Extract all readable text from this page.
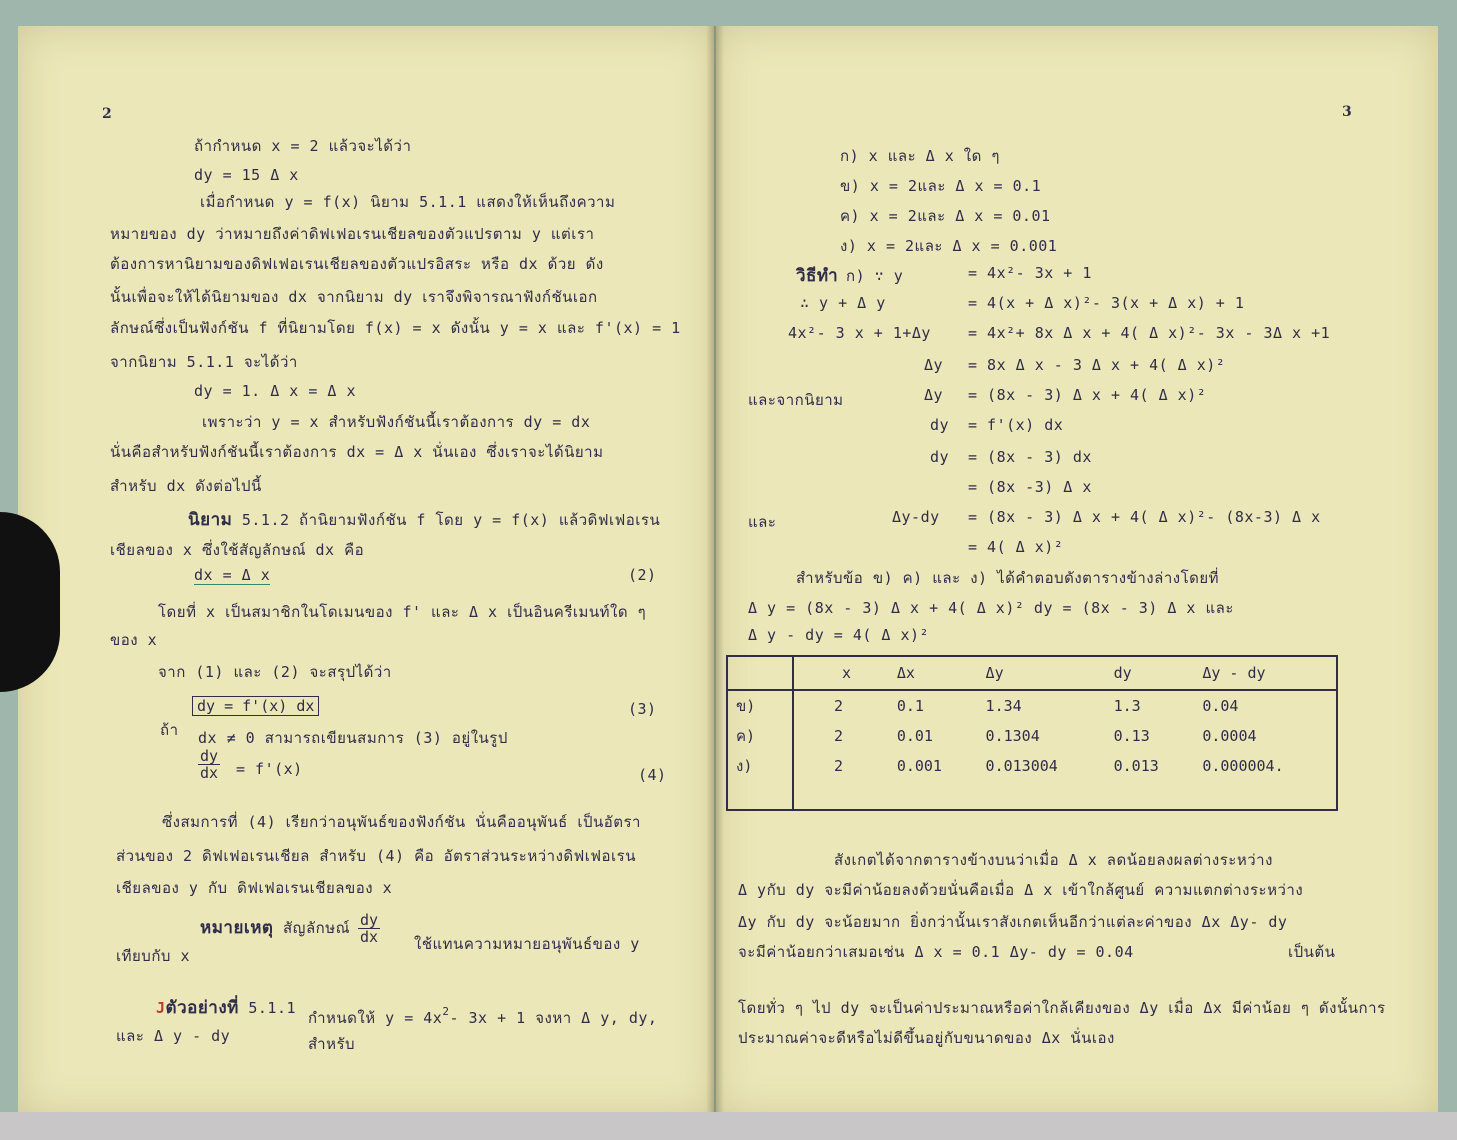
2
ถ้ากำหนด x = 2 แล้วจะได้ว่า
dy = 15 Δ x
เมื่อกำหนด y = f(x) นิยาม 5.1.1 แสดงให้เห็นถึงความ
หมายของ dy ว่าหมายถึงค่าดิฟเฟอเรนเชียลของตัวแปรตาม y แต่เรา
ต้องการหานิยามของดิฟเฟอเรนเชียลของตัวแปรอิสระ หรือ dx ด้วย ดัง
นั้นเพื่อจะให้ได้นิยามของ dx จากนิยาม dy เราจึงพิจารณาฟังก์ชันเอก
ลักษณ์ซึ่งเป็นฟังก์ชัน f ที่นิยามโดย f(x) = x ดังนั้น y = x และ f'(x) = 1
จากนิยาม 5.1.1 จะได้ว่า
dy = 1. Δ x = Δ x
เพราะว่า y = x สำหรับฟังก์ชันนี้เราต้องการ dy = dx
นั่นคือสำหรับฟังก์ชันนี้เราต้องการ dx = Δ x นั่นเอง ซึ่งเราจะได้นิยาม
สำหรับ dx ดังต่อไปนี้
นิยาม 5.1.2 ถ้านิยามฟังก์ชัน f โดย y = f(x) แล้วดิฟเฟอเรน
เชียลของ x ซึ่งใช้สัญลักษณ์ dx คือ
dx = Δ x	(2)
โดยที่ x เป็นสมาชิกในโดเมนของ f' และ Δ x เป็นอินครีเมนท์ใด ๆ
ของ x
จาก (1) และ (2) จะสรุปได้ว่า
dy = f'(x) dx	(3)
ถ้า dx ≠ 0 สามารถเขียนสมการ (3) อยู่ในรูป
$\frac{dy}{dx} = f'(x)$	(4)
ซึ่งสมการที่ (4) เรียกว่าอนุพันธ์ของฟังก์ชัน นั่นคืออนุพันธ์ เป็นอัตรา
ส่วนของ 2 ดิฟเฟอเรนเชียล สำหรับ (4) คือ อัตราส่วนระหว่างดิฟเฟอเรน
เชียลของ y กับ ดิฟเฟอเรนเชียลของ x
หมายเหตุ สัญลักษณ์ $\frac{dy}{dx}$ ใช้แทนความหมายอนุพันธ์ของ y
เทียบกับ x
Jตัวอย่างที่ 5.1.1
กำหนดให้ $y = 4x^2-$ 3x + 1 จงหา Δ y, dy,
และ Δ y - dy	สำหรับ
3
ก) x และ Δ x ใด ๆ
ข) x = 2และ Δ x = 0.1
ค) x = 2และ Δ x = 0.01
ง) x = 2และ Δ x = 0.001
วิธีทำ ก) ∵ y	= 4x²- 3x + 1
∴ y + Δ y	= 4(x + Δ x)²- 3(x + Δ x) + 1
4x²- 3 x + 1+Δy = 4x²+ 8x Δ x + 4( Δ x)²- 3x - 3Δ x +1
Δy = 8x Δ x - 3 Δ x + 4( Δ x)²
และจากนิยาม	Δy = (8x - 3) Δ x + 4( Δ x)²
dy = f'(x) dx
dy = (8x - 3) dx
= (8x -3) Δ x
และ	Δy-dy = (8x - 3) Δ x + 4( Δ x)²- (8x-3) Δ x
= 4( Δ x)²
สำหรับข้อ ข) ค) และ ง) ได้คำตอบดังตารางข้างล่างโดยที่
Δ y = (8x - 3) Δ x + 4( Δ x)² dy = (8x - 3) Δ x และ
Δ y - dy = 4( Δ x)²
	x	Δx	Δy	dy	Δy - dy
ข)	2	0.1	1.34	1.3	0.04
ค)	2	0.01	0.1304	0.13	0.0004
ง)	2	0.001	0.013004	0.013	0.000004.

สังเกตได้จากตารางข้างบนว่าเมื่อ Δ x ลดน้อยลงผลต่างระหว่าง
Δ yกับ dy จะมีค่าน้อยลงด้วยนั่นคือเมื่อ Δ x เข้าใกล้ศูนย์ ความแตกต่างระหว่าง
Δy กับ dy จะน้อยมาก ยิ่งกว่านั้นเราสังเกตเห็นอีกว่าแต่ละค่าของ Δx Δy- dy
จะมีค่าน้อยกว่าเสมอเช่น Δ x = 0.1 Δy- dy = 0.04	เป็นต้น
โดยทั่ว ๆ ไป dy จะเป็นค่าประมาณหรือค่าใกล้เคียงของ Δy เมื่อ Δx มีค่าน้อย ๆ ดังนั้นการ
ประมาณค่าจะดีหรือไม่ดีขึ้นอยู่กับขนาดของ Δx นั่นเอง
